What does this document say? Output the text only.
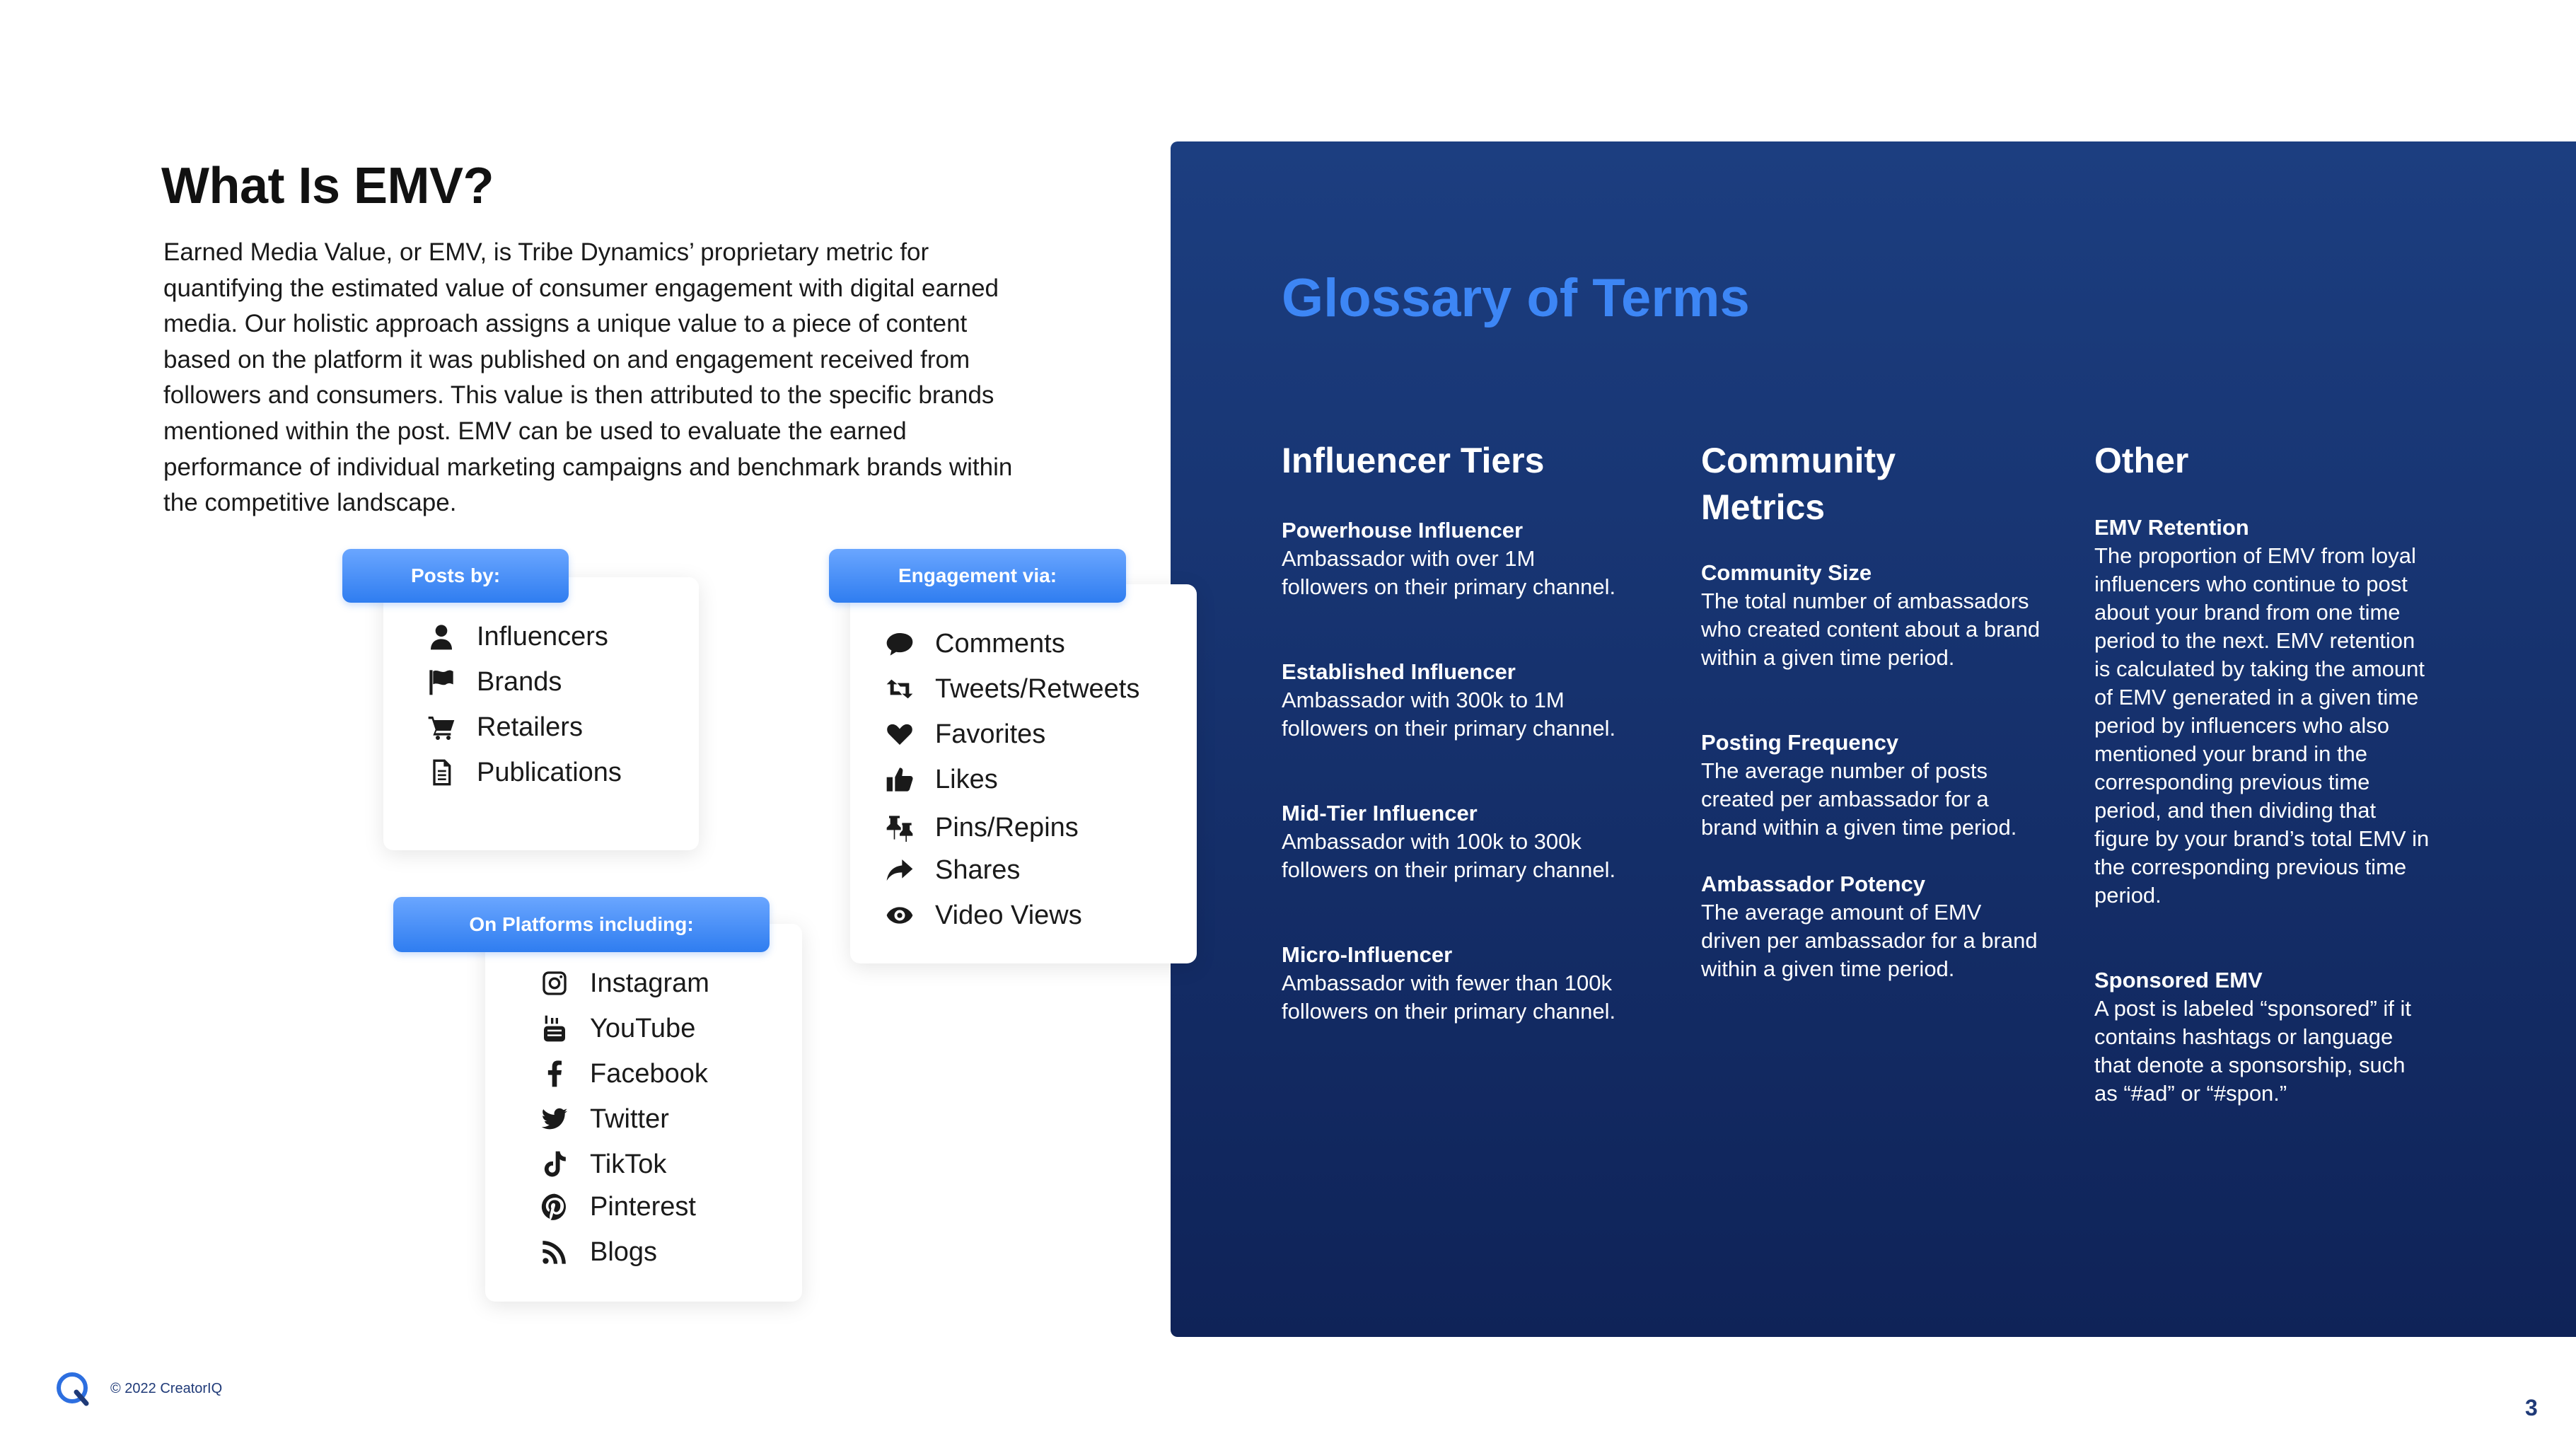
What Is EMV?
Earned Media Value, or EMV, is Tribe Dynamics’ proprietary metric for quantifying the estimated value of consumer engagement with digital earned media. Our holistic approach assigns a unique value to a piece of content based on the platform it was published on and engagement received from followers and consumers. This value is then attributed to the specific brands mentioned within the post. EMV can be used to evaluate the earned performance of individual marketing campaigns and benchmark brands within the competitive landscape.
Posts by:
Influencers
Brands
Retailers
Publications
Engagement via:
Comments
Tweets/Retweets
Favorites
Likes
Pins/Repins
Shares
Video Views
On Platforms including:
Instagram
YouTube
Facebook
Twitter
TikTok
Pinterest
Blogs
Glossary of Terms
Influencer Tiers
Powerhouse Influencer
Ambassador with over 1M followers on their primary channel.
Established Influencer
Ambassador with 300k to 1M followers on their primary channel.
Mid-Tier Influencer
Ambassador with 100k to 300k followers on their primary channel.
Micro-Influencer
Ambassador with fewer than 100k followers on their primary channel.
Community Metrics
Community Size
The total number of ambassadors who created content about a brand within a given time period.
Posting Frequency
The average number of posts created per ambassador for a brand within a given time period.
Ambassador Potency
The average amount of EMV driven per ambassador for a brand within a given time period.
Other
EMV Retention
The proportion of EMV from loyal influencers who continue to post about your brand from one time period to the next. EMV retention is calculated by taking the amount of EMV generated in a given time period by influencers who also mentioned your brand in the corresponding previous time period, and then dividing that figure by your brand’s total EMV in the corresponding previous time period.
Sponsored EMV
A post is labeled “sponsored” if it contains hashtags or language that denote a sponsorship, such as “#ad” or “#spon.”
© 2022 CreatorIQ
3
